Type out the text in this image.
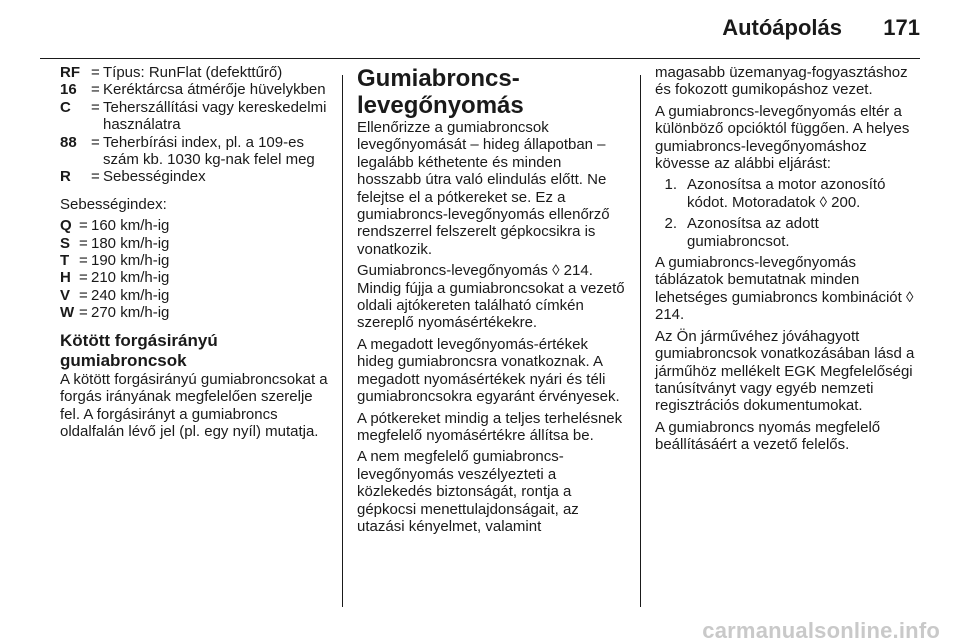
Autóápolás 171
RF = Típus: RunFlat (defekttűrő)
16 = Keréktárcsa átmérője hüvelykben
C	= Teherszállítási vagy kereskedelmi használatra
88 = Teherbírási index, pl. a 109-es szám kb. 1030 kg-nak felel meg
R	= Sebességindex

Sebességindex:

Q = 160 km/h-ig
S = 180 km/h-ig
T = 190 km/h-ig
H = 210 km/h-ig
V = 240 km/h-ig
W = 270 km/h-ig
Kötött forgásirányú gumiabroncsok

A kötött forgásirányú gumiabroncsokat a forgás irányának megfelelően szerelje fel. A forgásirányt a gumiabroncs oldalfalán lévő jel (pl. egy nyíl) mutatja.

Gumiabroncs-levegőnyomás

Ellenőrizze a gumiabroncsok levegőnyomását – hideg állapotban – legalább kéthetente és minden hosszabb útra való elindulás előtt. Ne felejtse el a pótkereket se. Ez a gumiabroncs-levegőnyomás ellenőrző rendszerrel felszerelt gépkocsikra is vonatkozik.

Gumiabroncs-levegőnyomás ◊ 214. Mindig fújja a gumiabroncsokat a vezető oldali ajtókereten található címkén szereplő nyomásértékekre.

A megadott levegőnyomás-értékek hideg gumiabroncsra vonatkoznak. A megadott nyomásértékek nyári és téli gumiabroncsokra egyaránt érvényesek.

A pótkereket mindig a teljes terhelésnek megfelelő nyomásértékre állítsa be.

A nem megfelelő gumiabroncs-levegőnyomás veszélyezteti a közlekedés biztonságát, rontja a gépkocsi menettulajdonságait, az utazási kényelmet, valamint

magasabb üzemanyag-fogyasztáshoz és fokozott gumikopáshoz vezet.

A gumiabroncs-levegőnyomás eltér a különböző opcióktól függően. A helyes gumiabroncs-levegőnyomáshoz kövesse az alábbi eljárást:

1. Azonosítsa a motor azonosító kódot. Motoradatok ◊ 200.
2. Azonosítsa az adott gumiabroncsot.

A gumiabroncs-levegőnyomás táblázatok bemutatnak minden lehetséges gumiabroncs kombinációt ◊ 214.

Az Ön járművéhez jóváhagyott gumiabroncsok vonatkozásában lásd a járműhöz mellékelt EGK Megfelelőségi tanúsítványt vagy egyéb nemzeti regisztrációs dokumentumokat.

A gumiabroncs nyomás megfelelő beállításáért a vezető felelős.

carmanualsonline.info
